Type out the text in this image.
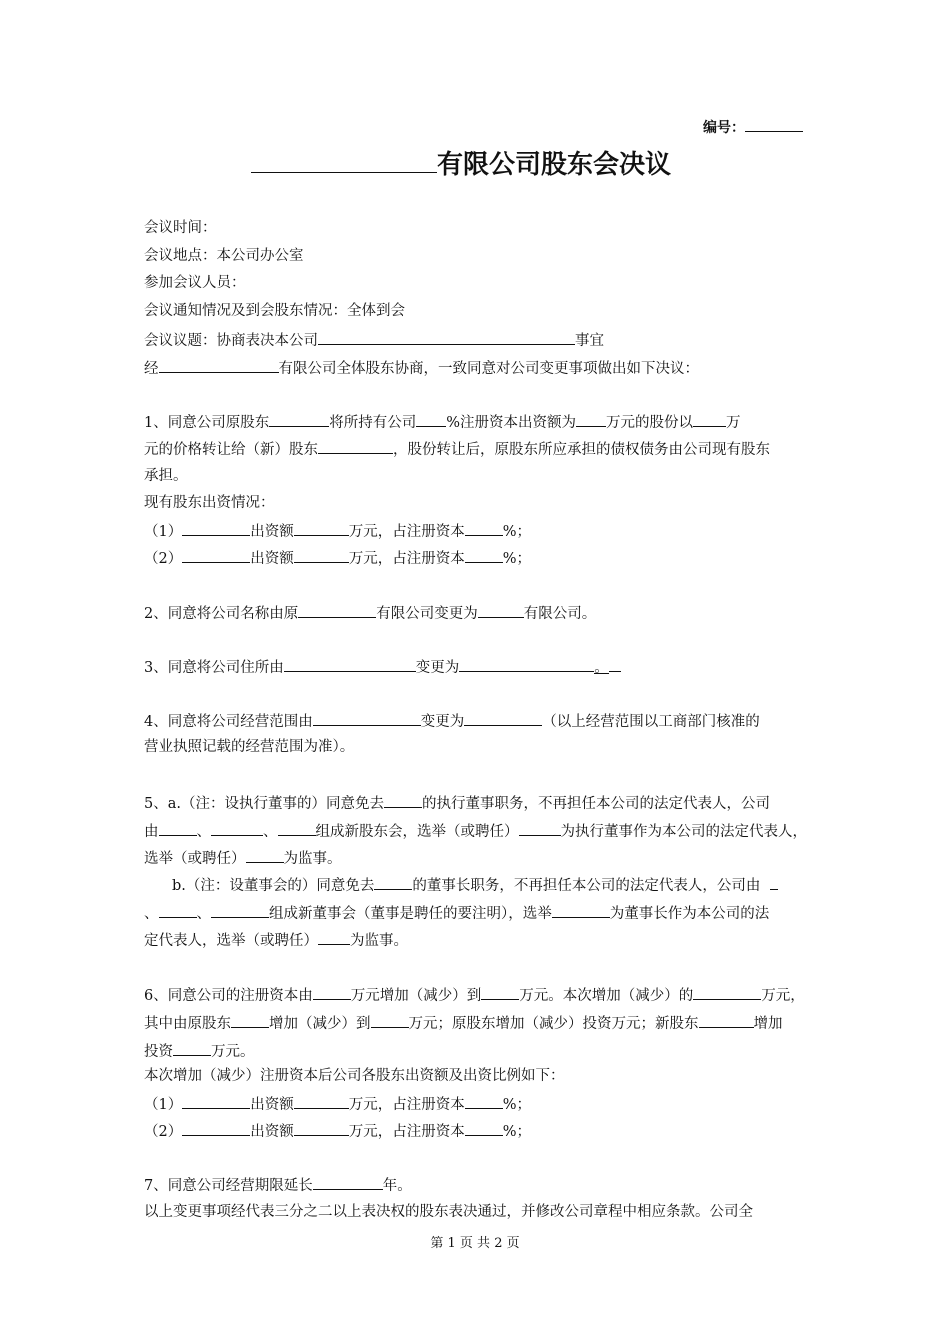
编号：
有限公司股东会决议
会议时间：
会议地点：本公司办公室
参加会议人员：
会议通知情况及到会股东情况：全体到会
会议议题：协商表决本公司	事宜
经	有限公司全体股东协商，一致同意对公司变更事项做出如下决议：
1、同意公司原股东	将所持有公司 %注册资本出资额为 万元的股份以 万
元的价格转让给（新）股东	，股份转让后，原股东所应承担的债权债务由公司现有股东
承担。
现有股东出资情况：
（1）	出资额	万元，占注册资本	%；
（2）	出资额	万元，占注册资本	%；
2、同意将公司名称由原	有限公司变更为	有限公司。
3、同意将公司住所由	变更为	。
4、同意将公司经营范围由	变更为	（以上经营范围以工商部门核准的
营业执照记载的经营范围为准）。
5、a.（注：设执行董事的）同意免去	的执行董事职务，不再担任本公司的法定代表人，公司
由	、	、	组成新股东会，选举（或聘任）	为执行董事作为本公司的法定代表人，
选举（或聘任）	为监事。
b.（注：设董事会的）同意免去	的董事长职务，不再担任本公司的法定代表人，公司由
、	、	组成新董事会（董事是聘任的要注明），选举	为董事长作为本公司的法
定代表人，选举（或聘任） 为监事。
6、同意公司的注册资本由	万元增加（减少）到	万元。本次增加（减少）的	万元，
其中由原股东	增加（减少）到	万元；原股东增加（减少）投资万元；新股东	增加
投资	万元。
本次增加（减少）注册资本后公司各股东出资额及出资比例如下：
（1）	出资额	万元，占注册资本	%；
（2）	出资额	万元，占注册资本	%；
7、同意公司经营期限延长	年。
以上变更事项经代表三分之二以上表决权的股东表决通过，并修改公司章程中相应条款。公司全
第 1 页 共 2 页
